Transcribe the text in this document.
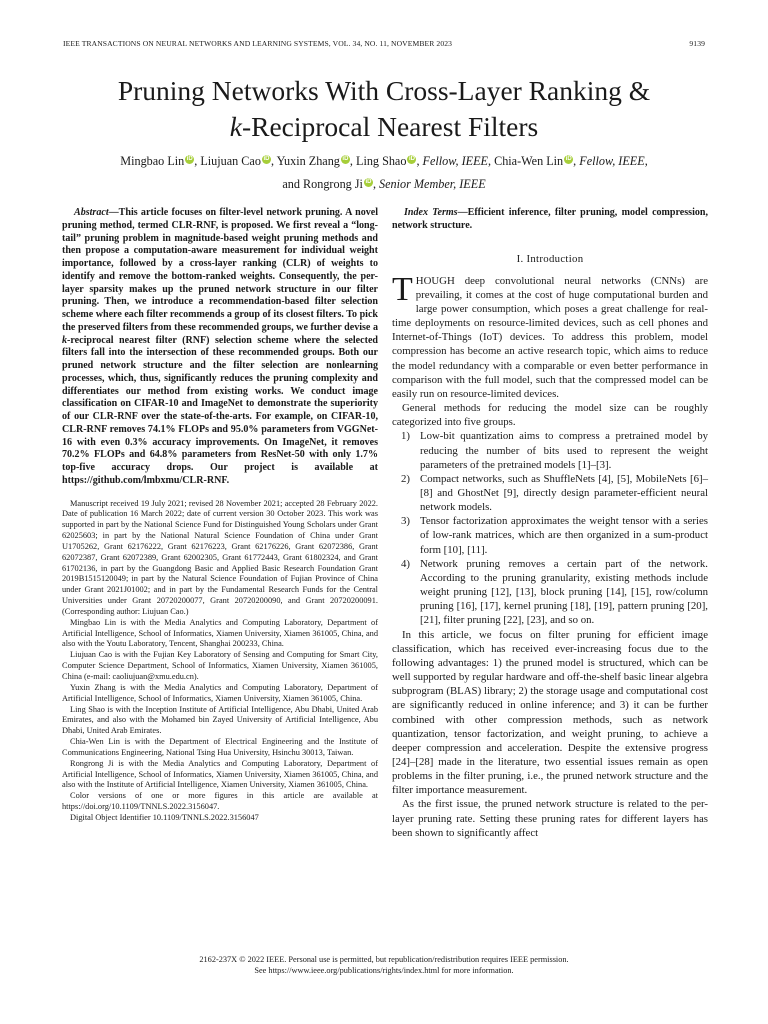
IEEE TRANSACTIONS ON NEURAL NETWORKS AND LEARNING SYSTEMS, VOL. 34, NO. 11, NOVEMBER 2023	9139
Pruning Networks With Cross-Layer Ranking &
k-Reciprocal Nearest Filters
Mingbao Lin iD , Liujuan Cao iD , Yuxin Zhang iD , Ling Shao iD , Fellow, IEEE, Chia-Wen Lin iD , Fellow, IEEE,
and Rongrong Ji iD , Senior Member, IEEE

Abstract—This article focuses on filter-level network pruning. A novel pruning method, termed CLR-RNF, is proposed. We first reveal a “long-tail” pruning problem in magnitude-based weight pruning methods and then propose a computation-aware measurement for individual weight importance, followed by a cross-layer ranking (CLR) of weights to identify and remove the bottom-ranked weights. Consequently, the per-layer sparsity makes up the pruned network structure in our filter pruning. Then, we introduce a recommendation-based filter selection scheme where each filter recommends a group of its closest filters. To pick the preserved filters from these recommended groups, we further devise a k-reciprocal nearest filter (RNF) selection scheme where the selected filters fall into the intersection of these recommended groups. Both our pruned network structure and the filter selection are nonlearning processes, which, thus, significantly reduces the pruning complexity and differentiates our method from existing works. We conduct image classification on CIFAR-10 and ImageNet to demonstrate the superiority of our CLR-RNF over the state-of-the-arts. For example, on CIFAR-10, CLR-RNF removes 74.1% FLOPs and 95.0% parameters from VGGNet-16 with even 0.3% accuracy improvements. On ImageNet, it removes 70.2% FLOPs and 64.8% parameters from ResNet-50 with only 1.7% top-five accuracy drops. Our project is available at https://github.com/lmbxmu/CLR-RNF.

Manuscript received 19 July 2021; revised 28 November 2021; accepted 28 February 2022. Date of publication 16 March 2022; date of current version 30 October 2023. This work was supported in part by the National Science Fund for Distinguished Young Scholars under Grant 62025603; in part by the National Natural Science Foundation of China under Grant U1705262, Grant 62176222, Grant 62176223, Grant 62176226, Grant 62072386, Grant 62072387, Grant 62072389, Grant 62002305, Grant 61772443, Grant 61802324, and Grant 61702136, in part by the Guangdong Basic and Applied Basic Research Foundation Grant 2019B1515120049; in part by the Natural Science Foundation of Fujian Province of China under Grant 2021J01002; and in part by the Fundamental Research Funds for the Central Universities under Grant 20720200077, Grant 20720200090, and Grant 20720200091. (Corresponding author: Liujuan Cao.)

Mingbao Lin is with the Media Analytics and Computing Laboratory, Department of Artificial Intelligence, School of Informatics, Xiamen University, Xiamen 361005, China, and also with the Youtu Laboratory, Tencent, Shanghai 200233, China.

Liujuan Cao is with the Fujian Key Laboratory of Sensing and Computing for Smart City, Computer Science Department, School of Informatics, Xiamen University, Xiamen 361005, China (e-mail: caoliujuan@xmu.edu.cn).

Yuxin Zhang is with the Media Analytics and Computing Laboratory, Department of Artificial Intelligence, School of Informatics, Xiamen University, Xiamen 361005, China.

Ling Shao is with the Inception Institute of Artificial Intelligence, Abu Dhabi, United Arab Emirates, and also with the Mohamed bin Zayed University of Artificial Intelligence, Abu Dhabi, United Arab Emirates.

Chia-Wen Lin is with the Department of Electrical Engineering and the Institute of Communications Engineering, National Tsing Hua University, Hsinchu 30013, Taiwan.

Rongrong Ji is with the Media Analytics and Computing Laboratory, Department of Artificial Intelligence, School of Informatics, Xiamen University, Xiamen 361005, China, and also with the Institute of Artificial Intelligence, Xiamen University, Xiamen 361005, China.

Color versions of one or more figures in this article are available at https://doi.org/10.1109/TNNLS.2022.3156047.

Digital Object Identifier 10.1109/TNNLS.2022.3156047

Index Terms—Efficient inference, filter pruning, model compression, network structure.

I. Introduction

THOUGH deep convolutional neural networks (CNNs) are prevailing, it comes at the cost of huge computational burden and large power consumption, which poses a great challenge for real-time deployments on resource-limited devices, such as cell phones and Internet-of-Things (IoT) devices. To address this problem, model compression has become an active research topic, which aims to reduce the model redundancy with a comparable or even better performance in comparison with the full model, such that the compressed model can be easily run on resource-limited devices.

General methods for reducing the model size can be roughly categorized into five groups.

1) Low-bit quantization aims to compress a pretrained model by reducing the number of bits used to represent the weight parameters of the pretrained models [1]–[3].
2) Compact networks, such as ShuffleNets [4], [5], MobileNets [6]–[8] and GhostNet [9], directly design parameter-efficient neural network models.
3) Tensor factorization approximates the weight tensor with a series of low-rank matrices, which are then organized in a sum-product form [10], [11].
4) Network pruning removes a certain part of the network. According to the pruning granularity, existing methods include weight pruning [12], [13], block pruning [14], [15], row/column pruning [16], [17], kernel pruning [18], [19], pattern pruning [20], [21], filter pruning [22], [23], and so on.

In this article, we focus on filter pruning for efficient image classification, which has received ever-increasing focus due to the following advantages: 1) the pruned model is structured, which can be well supported by regular hardware and off-the-shelf basic linear algebra subprogram (BLAS) library; 2) the storage usage and computational cost are significantly reduced in online inference; and 3) it can be further combined with other compression methods, such as network quantization, tensor factorization, and weight pruning, to achieve a deeper compression and acceleration. Despite the extensive progress [24]–[28] made in the literature, two essential issues remain as open problems in the filter pruning, i.e., the pruned network structure and the filter importance measurement.

As the first issue, the pruned network structure is related to the per-layer pruning rate. Setting these pruning rates for different layers has been shown to significantly affect

2162-237X © 2022 IEEE. Personal use is permitted, but republication/redistribution requires IEEE permission.
See https://www.ieee.org/publications/rights/index.html for more information.
